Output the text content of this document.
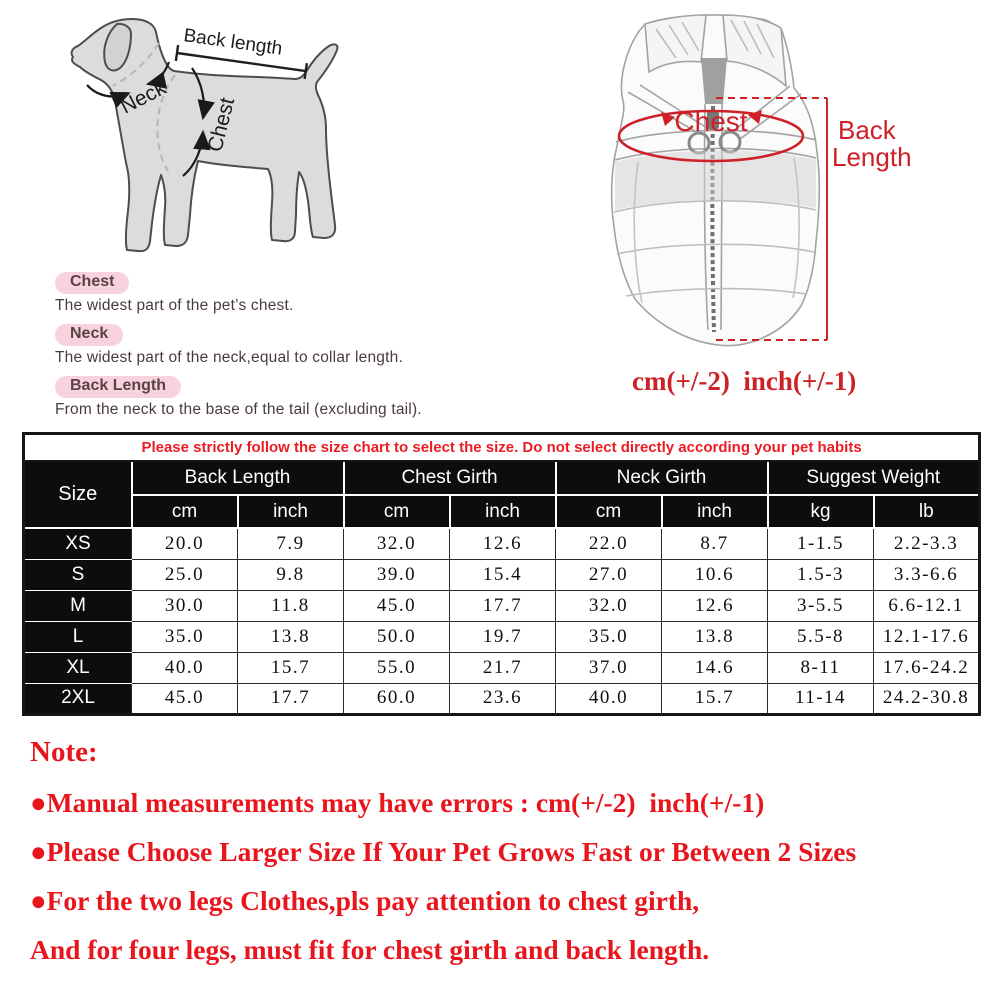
Back length
Neck Chest
Chest
The widest part of the pet’s chest.
Neck
The widest part of the neck,equal to collar length.
Back Length
From the neck to the base of the tail (excluding tail).
Chest	Back
Length
cm(+/-2)  inch(+/-1)
Please strictly follow the size chart to select the size. Do not select directly according your pet habits								
Size	Back Length		Chest Girth		Neck Girth		Suggest Weight	
	cm	inch	cm	inch	cm	inch	kg	lb
XS	20.0	7.9	32.0	12.6	22.0	8.7	1-1.5	2.2-3.3
S	25.0	9.8	39.0	15.4	27.0	10.6	1.5-3	3.3-6.6
M	30.0	11.8	45.0	17.7	32.0	12.6	3-5.5	6.6-12.1
L	35.0	13.8	50.0	19.7	35.0	13.8	5.5-8	12.1-17.6
XL	40.0	15.7	55.0	21.7	37.0	14.6	8-11	17.6-24.2
2XL	45.0	17.7	60.0	23.6	40.0	15.7	11-14	24.2-30.8
Note:
●Manual measurements may have errors : cm(+/-2)  inch(+/-1)
●Please Choose Larger Size If Your Pet Grows Fast or Between 2 Sizes
●For the two legs Clothes,pls pay attention to chest girth,
And for four legs, must fit for chest girth and back length.
